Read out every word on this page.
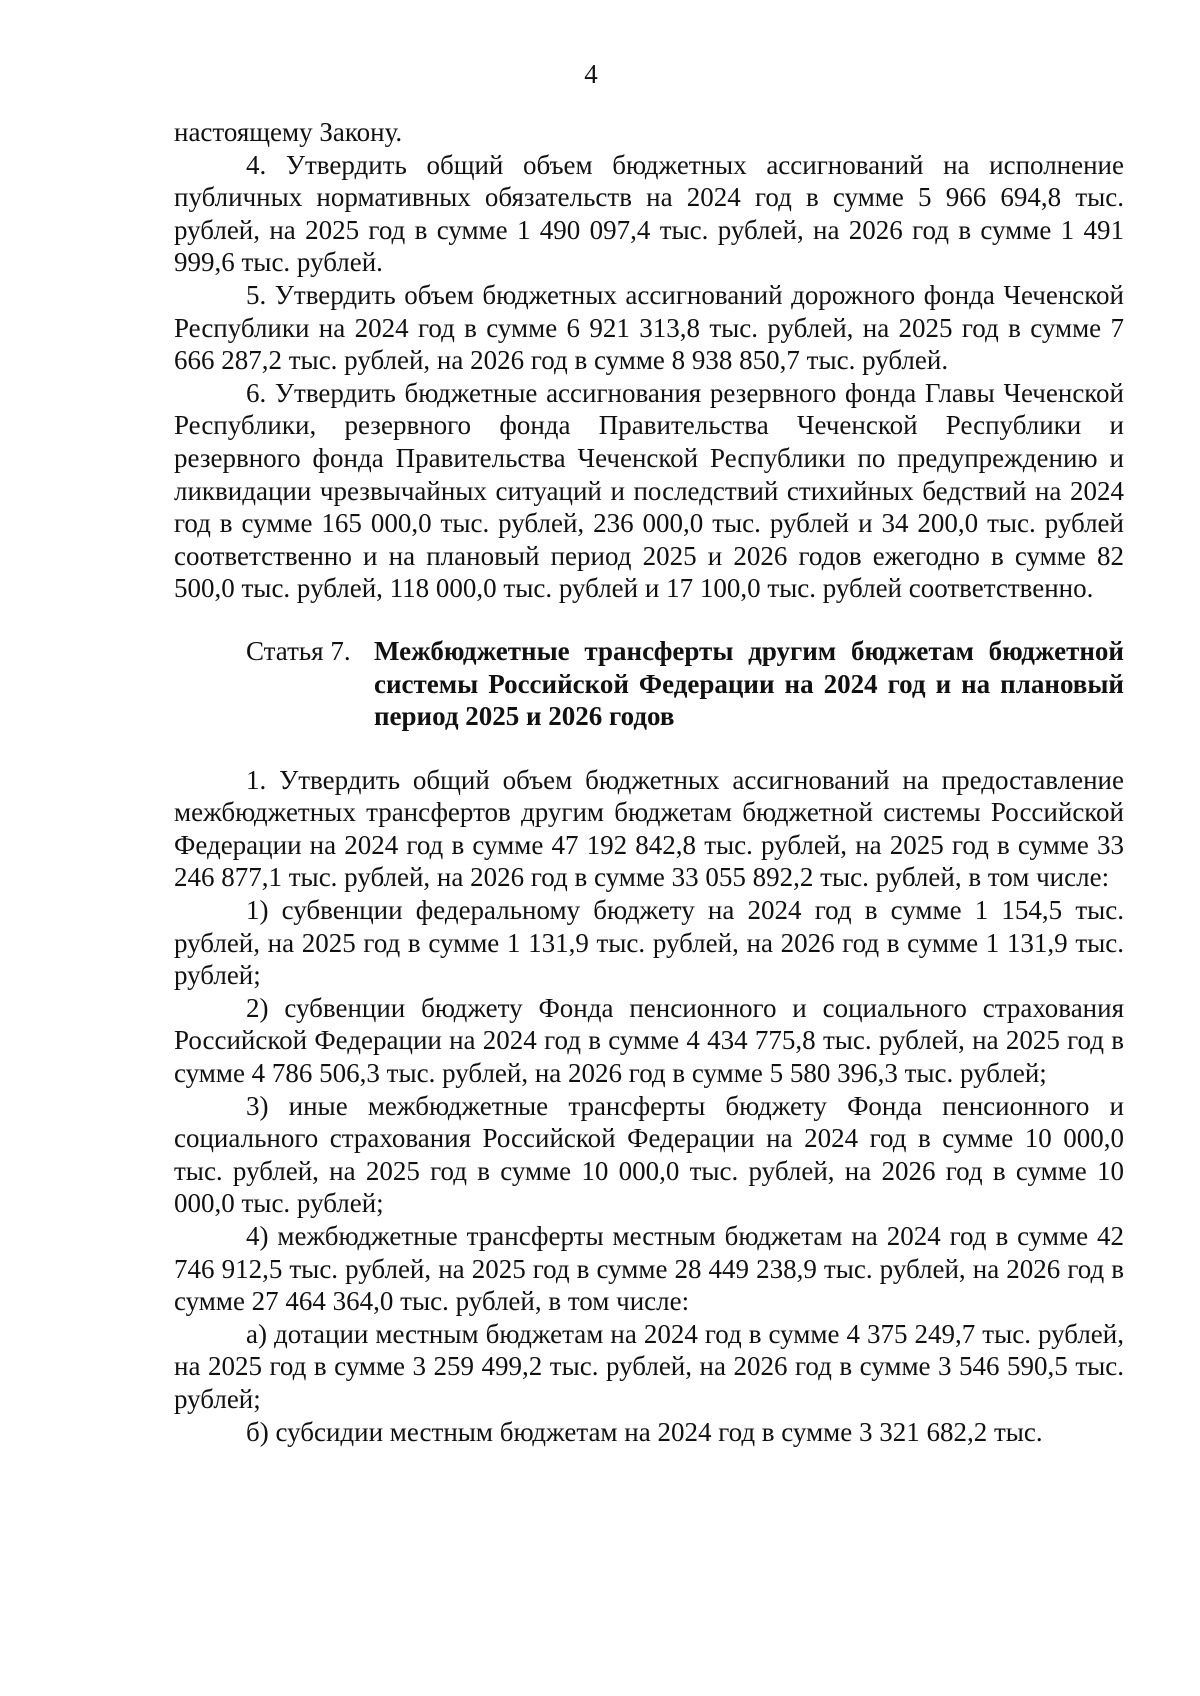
4

настоящему Закону.

4. Утвердить общий объем бюджетных ассигнований на исполнение публичных нормативных обязательств на 2024 год в сумме 5 966 694,8 тыс. рублей, на 2025 год в сумме 1 490 097,4 тыс. рублей, на 2026 год в сумме 1 491 999,6 тыс. рублей.

5. Утвердить объем бюджетных ассигнований дорожного фонда Чеченской Республики на 2024 год в сумме 6 921 313,8 тыс. рублей, на 2025 год в сумме 7 666 287,2 тыс. рублей, на 2026 год в сумме 8 938 850,7 тыс. рублей.

6. Утвердить бюджетные ассигнования резервного фонда Главы Чеченской Республики, резервного фонда Правительства Чеченской Республики и резервного фонда Правительства Чеченской Республики по предупреждению и ликвидации чрезвычайных ситуаций и последствий стихийных бедствий на 2024 год в сумме 165 000,0 тыс. рублей, 236 000,0 тыс. рублей и 34 200,0 тыс. рублей соответственно и на плановый период 2025 и 2026 годов ежегодно в сумме 82 500,0 тыс. рублей, 118 000,0 тыс. рублей и 17 100,0 тыс. рублей соответственно.

Статья 7. Межбюджетные трансферты другим бюджетам бюджетной системы Российской Федерации на 2024 год и на плановый период 2025 и 2026 годов

1. Утвердить общий объем бюджетных ассигнований на предоставление межбюджетных трансфертов другим бюджетам бюджетной системы Российской Федерации на 2024 год в сумме 47 192 842,8 тыс. рублей, на 2025 год в сумме 33 246 877,1 тыс. рублей, на 2026 год в сумме 33 055 892,2 тыс. рублей, в том числе:

1) субвенции федеральному бюджету на 2024 год в сумме 1 154,5 тыс. рублей, на 2025 год в сумме 1 131,9 тыс. рублей, на 2026 год в сумме 1 131,9 тыс. рублей;

2) субвенции бюджету Фонда пенсионного и социального страхования Российской Федерации на 2024 год в сумме 4 434 775,8 тыс. рублей, на 2025 год в сумме 4 786 506,3 тыс. рублей, на 2026 год в сумме 5 580 396,3 тыс. рублей;

3) иные межбюджетные трансферты бюджету Фонда пенсионного и социального страхования Российской Федерации на 2024 год в сумме 10 000,0 тыс. рублей, на 2025 год в сумме 10 000,0 тыс. рублей, на 2026 год в сумме 10 000,0 тыс. рублей;

4) межбюджетные трансферты местным бюджетам на 2024 год в сумме 42 746 912,5 тыс. рублей, на 2025 год в сумме 28 449 238,9 тыс. рублей, на 2026 год в сумме 27 464 364,0 тыс. рублей, в том числе:

а) дотации местным бюджетам на 2024 год в сумме 4 375 249,7 тыс. рублей, на 2025 год в сумме 3 259 499,2 тыс. рублей, на 2026 год в сумме 3 546 590,5 тыс. рублей;

б) субсидии местным бюджетам на 2024 год в сумме 3 321 682,2 тыс.
